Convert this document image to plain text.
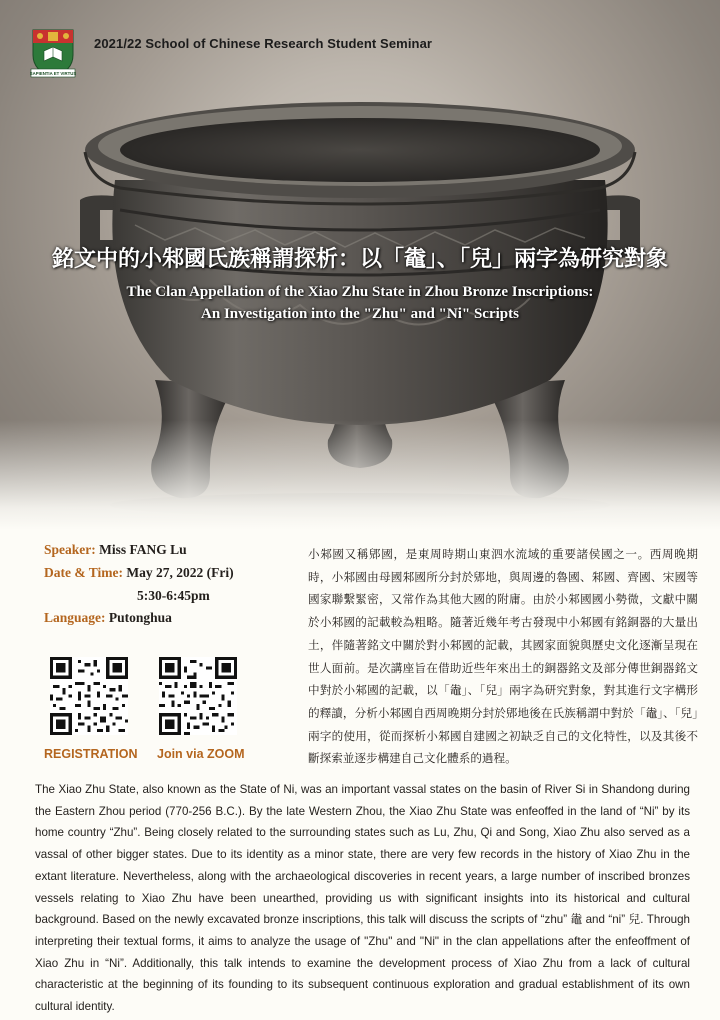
SAPIENTIA ET VIRTUS
2021/22 School of Chinese Research Student Seminar
銘文中的小邾國氏族稱謂探析：以「鼄」、「兒」兩字為研究對象
The Clan Appellation of the Xiao Zhu State in Zhou Bronze Inscriptions:
An Investigation into the "Zhu" and "Ni" Scripts
Speaker: Miss FANG Lu
Date & Time: May 27, 2022 (Fri)
5:30-6:45pm
Language: Putonghua
REGISTRATION Join via ZOOM
小邾國又稱郳國，是東周時期山東泗水流域的重要諸侯國之一。西周晚期時，小邾國由母國邾國所分封於郳地，與周邊的魯國、邾國、齊國、宋國等國家聯繫緊密，又常作為其他大國的附庸。由於小邾國國小勢微，文獻中關於小邾國的記載較為粗略。隨著近幾年考古發現中小邾國有銘銅器的大量出土，伴隨著銘文中關於對小邾國的記載，其國家面貌與歷史文化逐漸呈現在世人面前。是次講座旨在借助近些年來出土的銅器銘文及部分傳世銅器銘文中對於小邾國的記載，以「鼄」、「兒」兩字為研究對象，對其進行文字構形的釋讀，分析小邾國自西周晚期分封於郳地後在氏族稱謂中對於「鼄」、「兒」兩字的使用，從而探析小邾國自建國之初缺乏自己的文化特性，以及其後不斷探索並逐步構建自己文化體系的過程。
The Xiao Zhu State, also known as the State of Ni, was an important vassal states on the basin of River Si in Shandong during the Eastern Zhou period (770-256 B.C.). By the late Western Zhou, the Xiao Zhu State was enfeoffed in the land of “Ni” by its home country “Zhu”. Being closely related to the surrounding states such as Lu, Zhu, Qi and Song, Xiao Zhu also served as a vassal of other bigger states. Due to its identity as a minor state, there are very few records in the history of Xiao Zhu in the extant literature. Nevertheless, along with the archaeological discoveries in recent years, a large number of inscribed bronzes vessels relating to Xiao Zhu have been unearthed, providing us with significant insights into its historical and cultural background. Based on the newly excavated bronze inscriptions, this talk will discuss the scripts of “zhu” 鼄 and “ni” 兒. Through interpreting their textual forms, it aims to analyze the usage of "Zhu" and "Ni" in the clan appellations after the enfeoffment of Xiao Zhu in “Ni”. Additionally, this talk intends to examine the development process of Xiao Zhu from a lack of cultural characteristic at the beginning of its founding to its subsequent continuous exploration and gradual establishment of its own cultural identity.
